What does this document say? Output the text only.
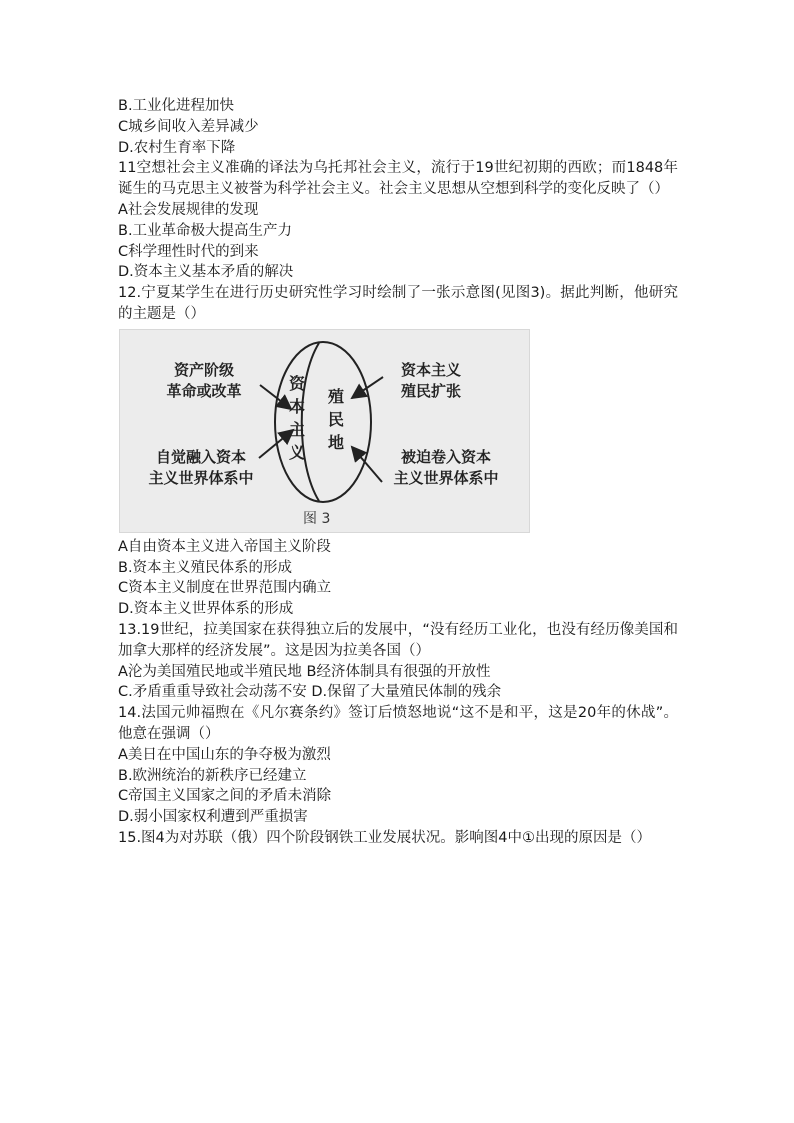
B.工业化进程加快
C城乡间收入差异减少
D.农村生育率下降
11空想社会主义准确的译法为乌托邦社会主义，流行于19世纪初期的西欧；而1848年诞生的马克思主义被誉为科学社会主义。社会主义思想从空想到科学的变化反映了（）
A社会发展规律的发现
B.工业革命极大提高生产力
C科学理性时代的到来
D.资本主义基本矛盾的解决
12.宁夏某学生在进行历史研究性学习时绘制了一张示意图(见图3)。据此判断，他研究的主题是（）
资产阶级
革命或改革
自觉融入资本
主义世界体系中
资本主义
殖民地
资本主义
殖民扩张
被迫卷入资本
主义世界体系中
图 3
A自由资本主义进入帝国主义阶段
B.资本主义殖民体系的形成
C资本主义制度在世界范围内确立
D.资本主义世界体系的形成
13.19世纪，拉美国家在获得独立后的发展中，“没有经历工业化，也没有经历像美国和加拿大那样的经济发展”。这是因为拉美各国（）
A沦为美国殖民地或半殖民地 B经济体制具有很强的开放性
C.矛盾重重导致社会动荡不安 D.保留了大量殖民体制的残余
14.法国元帅福煦在《凡尔赛条约》签订后愤怒地说“这不是和平，这是20年的休战”。他意在强调（）
A美日在中国山东的争夺极为激烈
B.欧洲统治的新秩序已经建立
C帝国主义国家之间的矛盾未消除
D.弱小国家权利遭到严重损害
15.图4为对苏联（俄）四个阶段钢铁工业发展状况。影响图4中①出现的原因是（）
